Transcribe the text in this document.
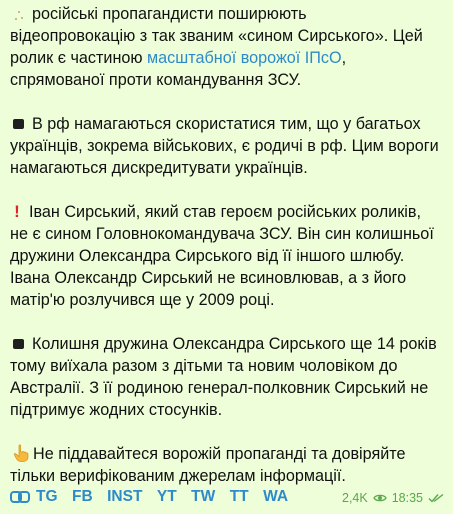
російські пропагандисти поширюють
відеопровокацію з так званим «сином Сирського». Цей
ролик є частиною масштабної ворожої ІПсО,
спрямованої проти командування ЗСУ.

В рф намагаються скористатися тим, що у багатьох
українців, зокрема військових, є родичі в рф. Цим вороги
намагаються дискредитувати українців.

! Іван Сирський, який став героєм російських роликів,
не є сином Головнокомандувача ЗСУ. Він син колишньої
дружини Олександра Сирського від її іншого шлюбу.
Івана Олександр Сирський не всиновлював, а з його
матір'ю розлучився ще у 2009 році.

Колишня дружина Олександра Сирського ще 14 років
тому виїхала разом з дітьми та новим чоловіком до
Австралії. З її родиною генерал-полковник Сирський не
підтримує жодних стосунків.

Не піддавайтеся ворожій пропаганді та довіряйте
тільки верифікованим джерелам інформації.

TG FB INST YT TW TT WA	2,4K 18:35
